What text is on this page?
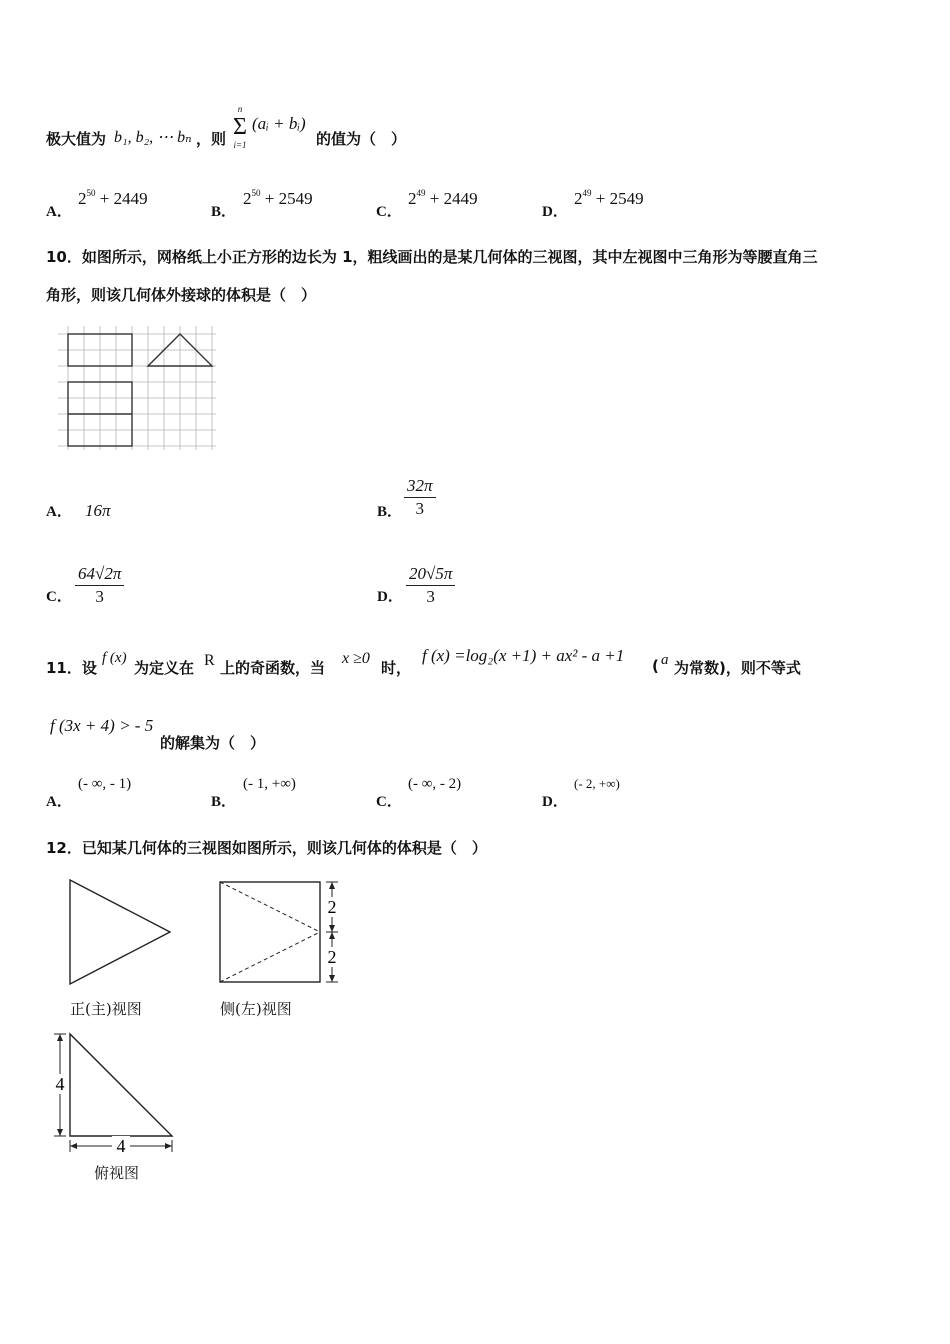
极大值为 b₁, b₂, ⋯ bₙ ，则
n
Σ
i=1
(aᵢ + bᵢ)
的值为（　）
A．
$2^{50} + 2449$
B．
$2^{50} + 2549$
C．
$2^{49} + 2449$
D．
$2^{49} + 2549$
10．如图所示，网格纸上小正方形的边长为 1，粗线画出的是某几何体的三视图，其中左视图中三角形为等腰直角三
角形，则该几何体外接球的体积是（　）
A． 16π	B． $\frac{32\pi}{3}$
C． $\frac{64√2\pi}{3}$	D． $\frac{20√5\pi}{3}$
11．设
f (x)
为定义在 R 上的奇函数，当
x ≥0
时，
f (x) =log₂(x +1) + ax² - a +1
( a 为常数)，则不等式
f (3x + 4) > - 5
的解集为（　）
A．
(- ∞, - 1)
B．
(- 1, +∞)
C．
(- ∞, - 2)
D．
(- 2, +∞)
12．已知某几何体的三视图如图所示，则该几何体的体积是（　）
正(主)视图
2
2
侧(左)视图
4
4
俯视图
